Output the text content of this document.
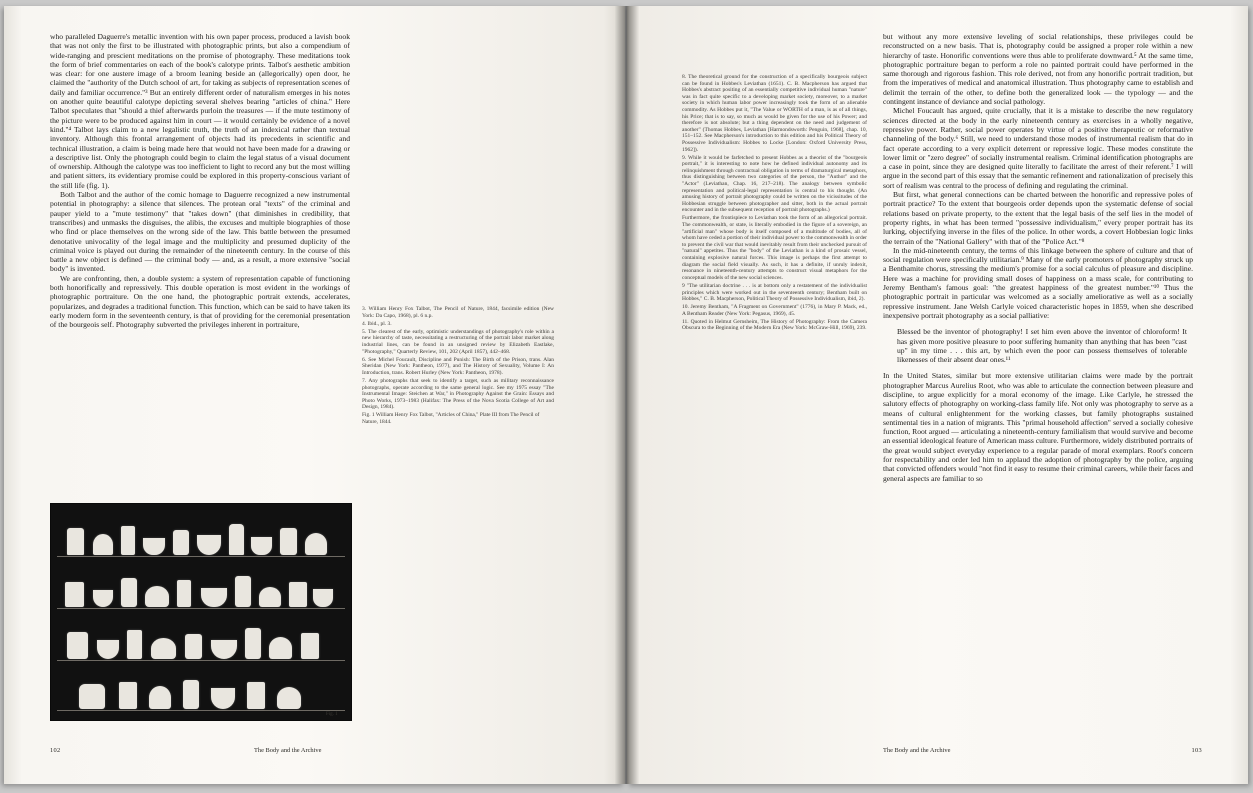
who paralleled Daguerre's metallic invention with his own paper process, produced a lavish book that was not only the first to be illustrated with photographic prints, but also a compendium of wide-ranging and prescient meditations on the promise of photography. These meditations took the form of brief commentaries on each of the book's calotype prints. Talbot's aesthetic ambition was clear: for one austere image of a broom leaning beside an (allegorically) open door, he claimed the "authority of the Dutch school of art, for taking as subjects of representation scenes of daily and familiar occurrence."³ But an entirely different order of naturalism emerges in his notes on another quite beautiful calotype depicting several shelves bearing "articles of china." Here Talbot speculates that "should a thief afterwards purloin the treasures — if the mute testimony of the picture were to be produced against him in court — it would certainly be evidence of a novel kind."⁴ Talbot lays claim to a new legalistic truth, the truth of an indexical rather than textual inventory. Although this frontal arrangement of objects had its precedents in scientific and technical illustration, a claim is being made here that would not have been made for a drawing or a descriptive list. Only the photograph could begin to claim the legal status of a visual document of ownership. Although the calotype was too inefficient to light to record any but the most willing and patient sitters, its evidentiary promise could be explored in this property-conscious variant of the still life (fig. 1).

Both Talbot and the author of the comic homage to Daguerre recognized a new instrumental potential in photography: a silence that silences. The protean oral "texts" of the criminal and pauper yield to a "mute testimony" that "takes down" (that diminishes in credibility, that transcribes) and unmasks the disguises, the alibis, the excuses and multiple biographies of those who find or place themselves on the wrong side of the law. This battle between the presumed denotative univocality of the legal image and the multiplicity and presumed duplicity of the criminal voice is played out during the remainder of the nineteenth century. In the course of this battle a new object is defined — the criminal body — and, as a result, a more extensive "social body" is invented.

We are confronting, then, a double system: a system of representation capable of functioning both honorifically and repressively. This double operation is most evident in the workings of photographic portraiture. On the one hand, the photographic portrait extends, accelerates, popularizes, and degrades a traditional function. This function, which can be said to have taken its early modern form in the seventeenth century, is that of providing for the ceremonial presentation of the bourgeois self. Photography subverted the privileges inherent in portraiture,

Fig. 1

3. William Henry Fox Talbot, The Pencil of Nature, 1844, facsimile edition (New York: Da Capo, 1968), pl. 6 n.p.

4. Ibid., pl. 3.

5. The clearest of the early, optimistic understandings of photography's role within a new hierarchy of taste, necessitating a restructuring of the portrait labor market along industrial lines, can be found in an unsigned review by Elizabeth Eastlake, "Photography," Quarterly Review, 101, 202 (April 1857), 442–468.

6. See Michel Foucault, Discipline and Punish: The Birth of the Prison, trans. Alan Sheridan (New York: Pantheon, 1977), and The History of Sexuality, Volume I: An Introduction, trans. Robert Hurley (New York: Pantheon, 1978).

7. Any photographs that seek to identify a target, such as military reconnaissance photographs, operate according to the same general logic. See my 1975 essay "The Instrumental Image: Steichen at War," in Photography Against the Grain: Essays and Photo Works, 1973–1983 (Halifax: The Press of the Nova Scotia College of Art and Design, 1984).

Fig. 1 William Henry Fox Talbot, "Articles of China," Plate III from The Pencil of Nature, 1844.

102	The Body and the Archive

8. The theoretical ground for the construction of a specifically bourgeois subject can be found in Hobbes's Leviathan (1651). C. B. Macpherson has argued that Hobbes's abstract positing of an essentially competitive individual human "nature" was in fact quite specific to a developing market society, moreover, to a market society in which human labor power increasingly took the form of an alienable commodity. As Hobbes put it, "The Value or WORTH of a man, is as of all things, his Price; that is to say, so much as would be given for the use of his Power; and therefore is not absolute; but a thing dependent on the need and judgement of another" (Thomas Hobbes, Leviathan [Harmondsworth: Penguin, 1968], chap. 10, 151–152. See Macpherson's introduction to this edition and his Political Theory of Possessive Individualism: Hobbes to Locke [London: Oxford University Press, 1962]).

9. While it would be farfetched to present Hobbes as a theorist of the "bourgeois portrait," it is interesting to note how he defined individual autonomy and its relinquishment through contractual obligation in terms of dramaturgical metaphors, thus distinguishing between two categories of the person, the "Author" and the "Actor" (Leviathan, Chap. 16, 217–218). The analogy between symbolic representation and political-legal representation is central to his thought. (An amusing history of portrait photography could be written on the vicissitudes of the Hobbesian struggle between photographer and sitter, both in the actual portrait encounter and in the subsequent reception of portrait photographs.)

Furthermore, the frontispiece to Leviathan took the form of an allegorical portrait. The commonwealth, or state, is literally embodied in the figure of a sovereign, an "artificial man" whose body is itself composed of a multitude of bodies, all of whom have ceded a portion of their individual power to the commonwealth in order to prevent the civil war that would inevitably result from their unchecked pursuit of "natural" appetites. Thus the "body" of the Leviathan is a kind of prosaic vessel, containing explosive natural forces. This image is perhaps the first attempt to diagram the social field visually. As such, it has a definite, if unruly indexit, resonance in nineteenth-century attempts to construct visual metaphors for the conceptual models of the new social sciences.

9 "The utilitarian doctrine . . . is at bottom only a restatement of the individualist principles which were worked out in the seventeenth century; Bentham built on Hobbes," C. B. Macpherson, Political Theory of Possessive Individualism, ibid, 2).

10. Jeremy Bentham, "A Fragment on Government" (1776), in Mary P. Mack, ed., A Bentham Reader (New York: Pegasus, 1969), 45.

11. Quoted in Helmut Gernsheim, The History of Photography: From the Camera Obscura to the Beginning of the Modern Era (New York: McGraw-Hill, 1969), 239.

but without any more extensive leveling of social relationships, these privileges could be reconstructed on a new basis. That is, photography could be assigned a proper role within a new hierarchy of taste. Honorific conventions were thus able to proliferate downward.⁵ At the same time, photographic portraiture began to perform a role no painted portrait could have performed in the same thorough and rigorous fashion. This role derived, not from any honorific portrait tradition, but from the imperatives of medical and anatomical illustration. Thus photography came to establish and delimit the terrain of the other, to define both the generalized look — the typology — and the contingent instance of deviance and social pathology.

Michel Foucault has argued, quite crucially, that it is a mistake to describe the new regulatory sciences directed at the body in the early nineteenth century as exercises in a wholly negative, repressive power. Rather, social power operates by virtue of a positive therapeutic or reformative channeling of the body.⁶ Still, we need to understand those modes of instrumental realism that do in fact operate according to a very explicit deterrent or repressive logic. These modes constitute the lower limit or "zero degree" of socially instrumental realism. Criminal identification photographs are a case in point, since they are designed quite literally to facilitate the arrest of their referent.⁷ I will argue in the second part of this essay that the semantic refinement and rationalization of precisely this sort of realism was central to the process of defining and regulating the criminal.

But first, what general connections can be charted between the honorific and repressive poles of portrait practice? To the extent that bourgeois order depends upon the systematic defense of social relations based on private property, to the extent that the legal basis of the self lies in the model of property rights, in what has been termed "possessive individualism," every proper portrait has its lurking, objectifying inverse in the files of the police. In other words, a covert Hobbesian logic links the terrain of the "National Gallery" with that of the "Police Act."⁸

In the mid-nineteenth century, the terms of this linkage between the sphere of culture and that of social regulation were specifically utilitarian.⁹ Many of the early promoters of photography struck up a Benthamite chorus, stressing the medium's promise for a social calculus of pleasure and discipline. Here was a machine for providing small doses of happiness on a mass scale, for contributing to Jeremy Bentham's famous goal: "the greatest happiness of the greatest number."¹⁰ Thus the photographic portrait in particular was welcomed as a socially ameliorative as well as a socially repressive instrument. Jane Welsh Carlyle voiced characteristic hopes in 1859, when she described inexpensive portrait photography as a social palliative:

Blessed be the inventor of photography! I set him even above the inventor of chloroform! It has given more positive pleasure to poor suffering humanity than anything that has been "cast up" in my time . . . this art, by which even the poor can possess themselves of tolerable likenesses of their absent dear ones.¹¹

In the United States, similar but more extensive utilitarian claims were made by the portrait photographer Marcus Aurelius Root, who was able to articulate the connection between pleasure and discipline, to argue explicitly for a moral economy of the image. Like Carlyle, he stressed the salutory effects of photography on working-class family life. Not only was photography to serve as a means of cultural enlightenment for the working classes, but family photographs sustained sentimental ties in a nation of migrants. This "primal household affection" served a socially cohesive function, Root argued — articulating a nineteenth-century familialism that would survive and become an essential ideological feature of American mass culture. Furthermore, widely distributed portraits of the great would subject everyday experience to a regular parade of moral exemplars. Root's concern for respectability and order led him to applaud the adoption of photography by the police, arguing that convicted offenders would "not find it easy to resume their criminal careers, while their faces and general aspects are familiar to so

103
The Body and the Archive
